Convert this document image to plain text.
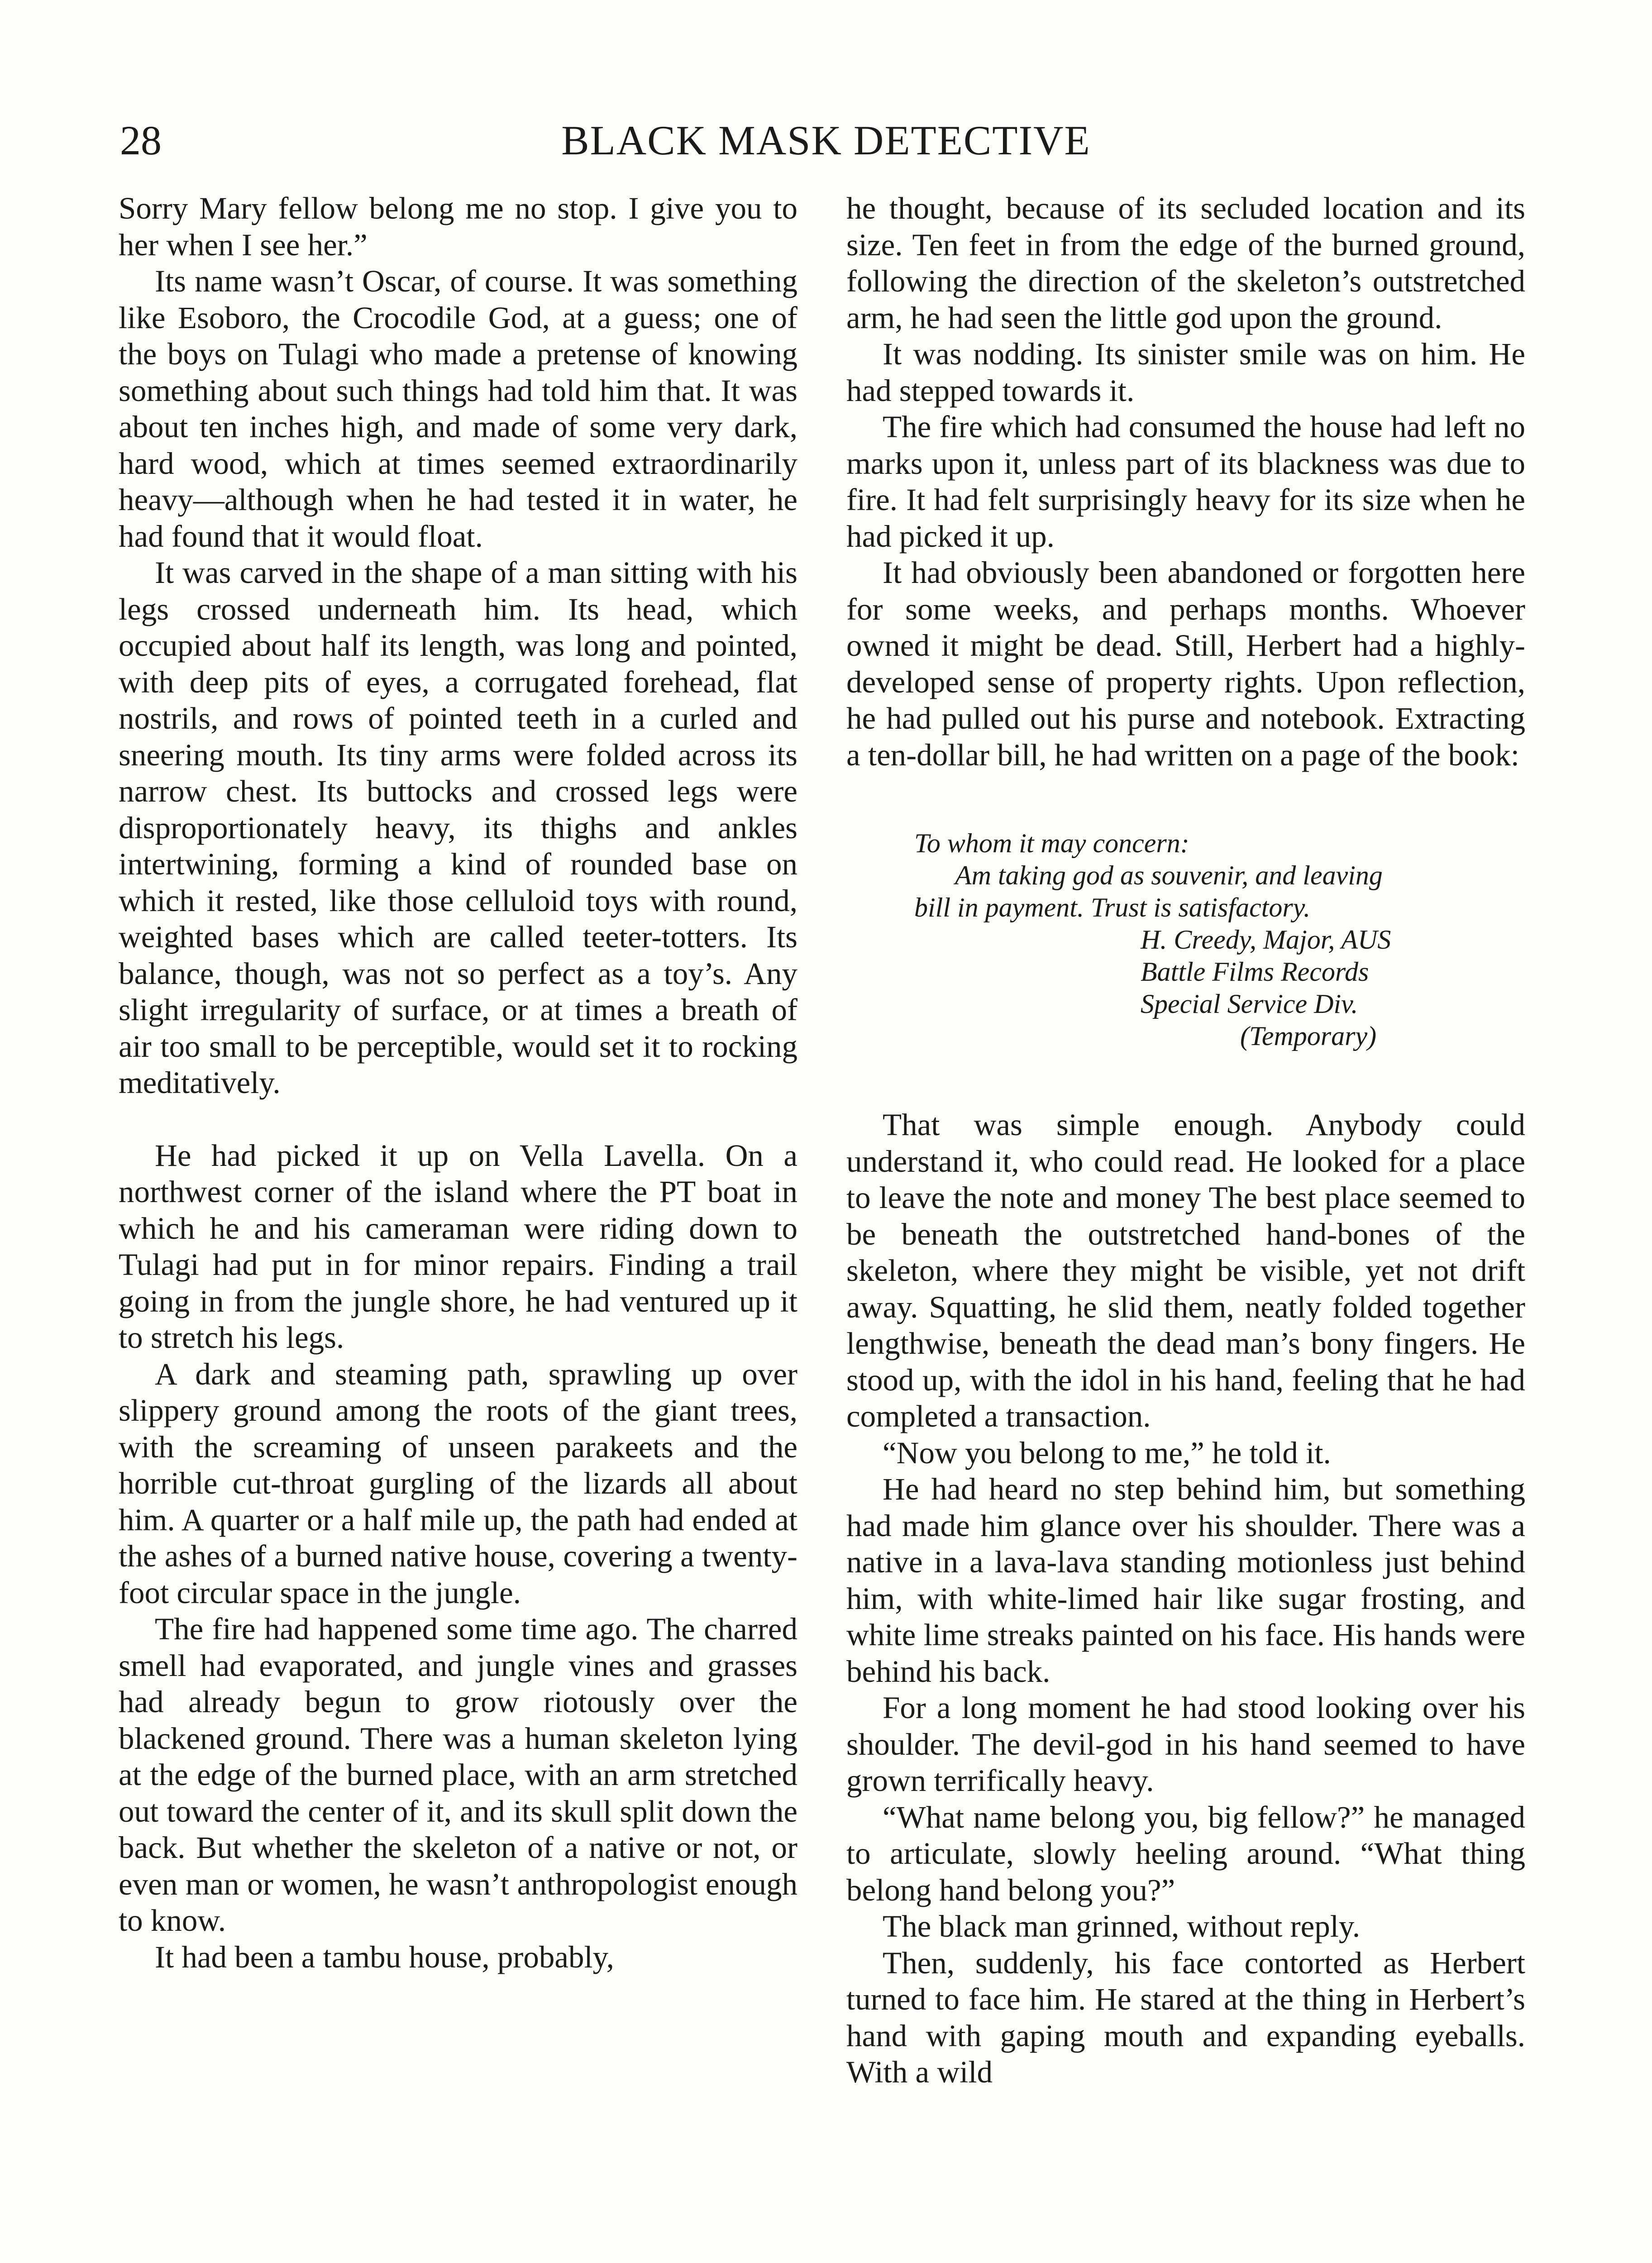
28	BLACK MASK DETECTIVE

Sorry Mary fellow belong me no stop. I give you to her when I see her.”

Its name wasn’t Oscar, of course. It was something like Esoboro, the Crocodile God, at a guess; one of the boys on Tulagi who made a pretense of knowing something about such things had told him that. It was about ten inches high, and made of some very dark, hard wood, which at times seemed extraordinarily heavy—although when he had tested it in water, he had found that it would float.

It was carved in the shape of a man sitting with his legs crossed underneath him. Its head, which occupied about half its length, was long and pointed, with deep pits of eyes, a corrugated forehead, flat nostrils, and rows of pointed teeth in a curled and sneering mouth. Its tiny arms were folded across its narrow chest. Its buttocks and crossed legs were disproportionately heavy, its thighs and ankles intertwining, forming a kind of rounded base on which it rested, like those celluloid toys with round, weighted bases which are called teeter-totters. Its balance, though, was not so perfect as a toy’s. Any slight irregularity of surface, or at times a breath of air too small to be perceptible, would set it to rocking meditatively.

He had picked it up on Vella Lavella. On a northwest corner of the island where the PT boat in which he and his cameraman were riding down to Tulagi had put in for minor repairs. Finding a trail going in from the jungle shore, he had ventured up it to stretch his legs.

A dark and steaming path, sprawling up over slippery ground among the roots of the giant trees, with the screaming of unseen parakeets and the horrible cut-throat gurgling of the lizards all about him. A quarter or a half mile up, the path had ended at the ashes of a burned native house, covering a twenty-foot circular space in the jungle.

The fire had happened some time ago. The charred smell had evaporated, and jungle vines and grasses had already begun to grow riotously over the blackened ground. There was a human skeleton lying at the edge of the burned place, with an arm stretched out toward the center of it, and its skull split down the back. But whether the skeleton of a native or not, or even man or women, he wasn’t anthropologist enough to know.

It had been a tambu house, probably,

he thought, because of its secluded location and its size. Ten feet in from the edge of the burned ground, following the direction of the skeleton’s outstretched arm, he had seen the little god upon the ground.

It was nodding. Its sinister smile was on him. He had stepped towards it.

The fire which had consumed the house had left no marks upon it, unless part of its blackness was due to fire. It had felt surprisingly heavy for its size when he had picked it up.

It had obviously been abandoned or forgotten here for some weeks, and perhaps months. Whoever owned it might be dead. Still, Herbert had a highly-developed sense of property rights. Upon reflection, he had pulled out his purse and notebook. Extracting a ten-dollar bill, he had written on a page of the book:

To whom it may concern:
Am taking god as souvenir, and leaving
bill in payment. Trust is satisfactory.
H. Creedy, Major, AUS
Battle Films Records
Special Service Div.
(Temporary)

That was simple enough. Anybody could understand it, who could read. He looked for a place to leave the note and money The best place seemed to be beneath the outstretched hand-bones of the skeleton, where they might be visible, yet not drift away. Squatting, he slid them, neatly folded together lengthwise, beneath the dead man’s bony fingers. He stood up, with the idol in his hand, feeling that he had completed a transaction.

“Now you belong to me,” he told it.

He had heard no step behind him, but something had made him glance over his shoulder. There was a native in a lava-lava standing motionless just behind him, with white-limed hair like sugar frosting, and white lime streaks painted on his face. His hands were behind his back.

For a long moment he had stood looking over his shoulder. The devil-god in his hand seemed to have grown terrifically heavy.

“What name belong you, big fellow?” he managed to articulate, slowly heeling around. “What thing belong hand belong you?”

The black man grinned, without reply.

Then, suddenly, his face contorted as Herbert turned to face him. He stared at the thing in Herbert’s hand with gaping mouth and expanding eyeballs. With a wild
